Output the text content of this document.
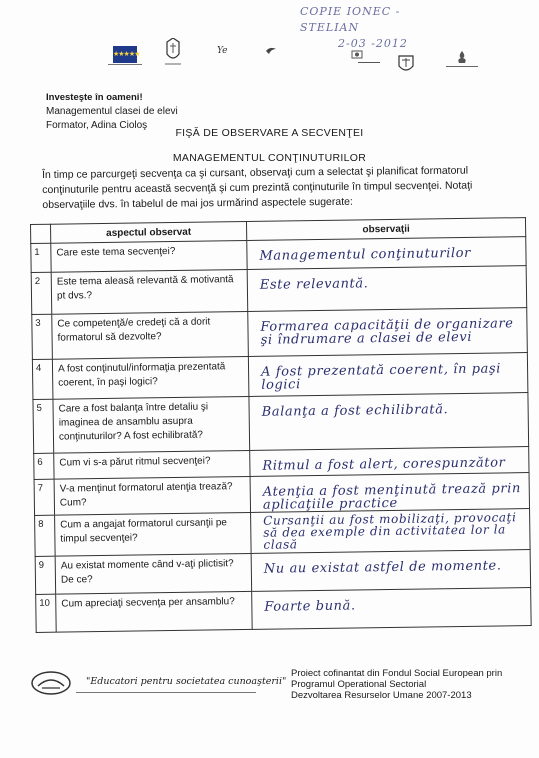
COPIE IONEC - STELIAN
2-03 -2012
★★★★★	Ye
Investeşte în oameni!
Managementul clasei de elevi
Formator, Adina Cioloş
FIŞĂ DE OBSERVARE A SECVENŢEI
MANAGEMENTUL CONŢINUTURILOR
În timp ce parcurgeţi secvenţa ca şi cursant, observaţi cum a selectat şi planificat formatorul conţinuturile pentru această secvenţă şi cum prezintă conţinuturile în timpul secvenţei. Notaţi observaţiile dvs. în tabelul de mai jos urmărind aspectele sugerate:
	aspectul observat	observaţii
1	Care este tema secvenţei?	Managementul conţinuturilor
2	Este tema aleasă relevantă & motivantă pt dvs.?	Este relevantă.
3	Ce competenţă/e credeţi că a dorit formatorul să dezvolte?	Formarea capacităţii de organizare şi îndrumare a clasei de elevi
4	A fost conţinutul/informaţia prezentată coerent, în paşi logici?	A fost prezentată coerent, în paşi logici
5	Care a fost balanţa între detaliu şi imaginea de ansamblu asupra conţinuturilor? A fost echilibrată?	Balanţa a fost echilibrată.
6	Cum vi s-a părut ritmul secvenţei?	Ritmul a fost alert, corespunzător
7	V-a menţinut formatorul atenţia trează? Cum?	Atenţia a fost menţinută trează prin aplicaţiile practice
8	Cum a angajat formatorul cursanţii pe timpul secvenţei?	Cursanţii au fost mobilizaţi, provocaţi să dea exemple din activitatea lor la clasă
9	Au existat momente când v-aţi plictisit? De ce?	Nu au existat astfel de momente.
10	Cum apreciaţi secvenţa per ansamblu?	Foarte bună.
"Educatori pentru societatea cunoaşterii"
Proiect cofinantat din Fondul Social European prin
Programul Operational Sectorial
Dezvoltarea Resurselor Umane 2007-2013
